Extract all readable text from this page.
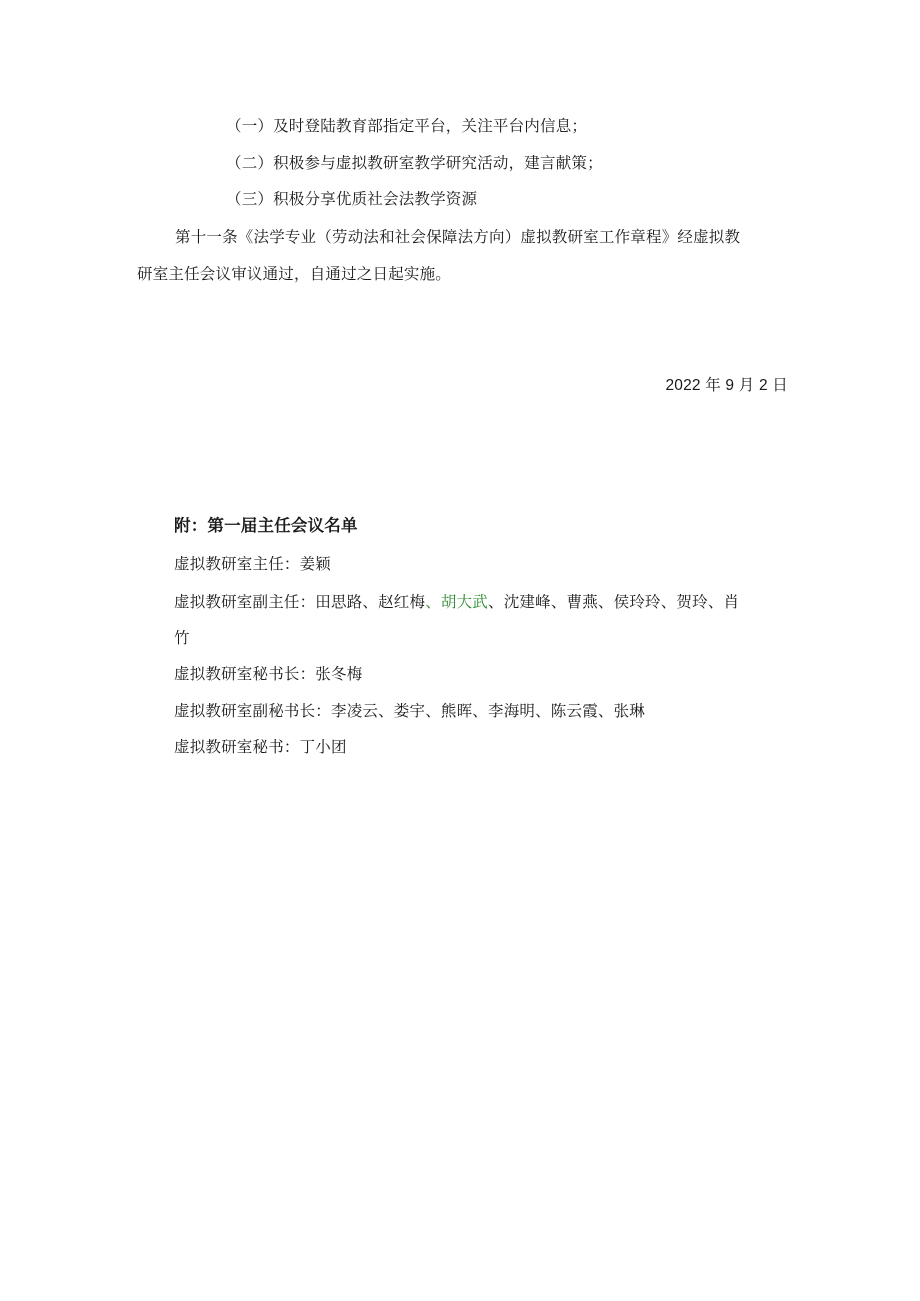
（一）及时登陆教育部指定平台，关注平台内信息；
（二）积极参与虚拟教研室教学研究活动，建言献策；
（三）积极分享优质社会法教学资源
第十一条《法学专业（劳动法和社会保障法方向）虚拟教研室工作章程》经虚拟教
研室主任会议审议通过，自通过之日起实施。
2022 年 9 月 2 日
附：第一届主任会议名单
虚拟教研室主任：姜颖
虚拟教研室副主任：田思路、赵红梅、胡大武、沈建峰、曹燕、侯玲玲、贺玲、肖
竹
虚拟教研室秘书长：张冬梅
虚拟教研室副秘书长：李凌云、娄宇、熊晖、李海明、陈云霞、张琳
虚拟教研室秘书：丁小团
